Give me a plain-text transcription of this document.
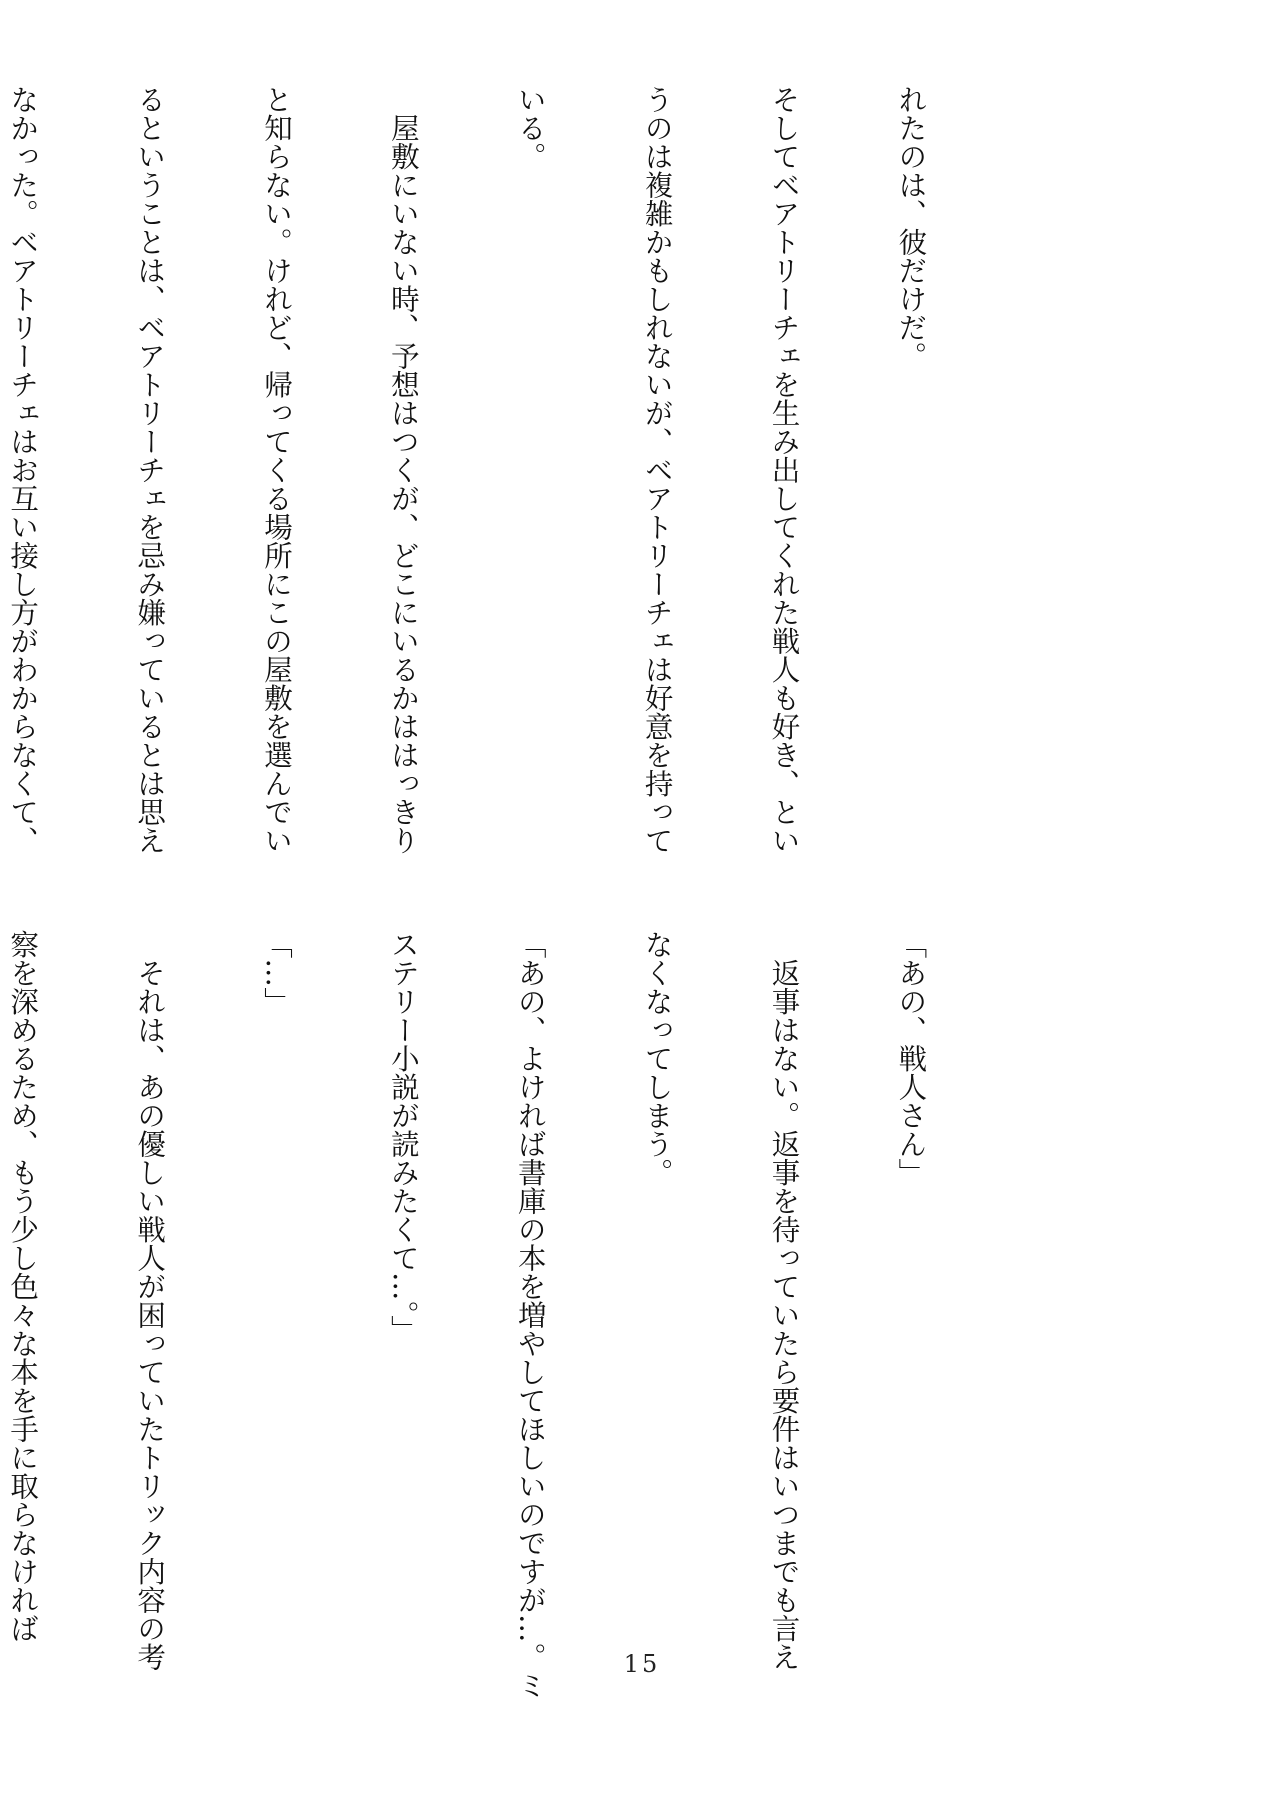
れたのは、彼だけだ。

そしてベアトリーチェを生み出してくれた戦人も好き、とい

うのは複雑かもしれないが、ベアトリーチェは好意を持って

いる。

　屋敷にいない時、予想はつくが、どこにいるかははっきり

と知らない。けれど、帰ってくる場所にこの屋敷を選んでい

るということは、ベアトリーチェを忌み嫌っているとは思え

なかった。ベアトリーチェはお互い接し方がわからなくて、

「あの、戦人さん」

　返事はない。返事を待っていたら要件はいつまでも言え

なくなってしまう。

「あの、よければ書庫の本を増やしてほしいのですが…。ミ

ステリー小説が読みたくて…。」

「…」

　それは、あの優しい戦人が困っていたトリック内容の考

察を深めるため、もう少し色々な本を手に取らなければ

15
